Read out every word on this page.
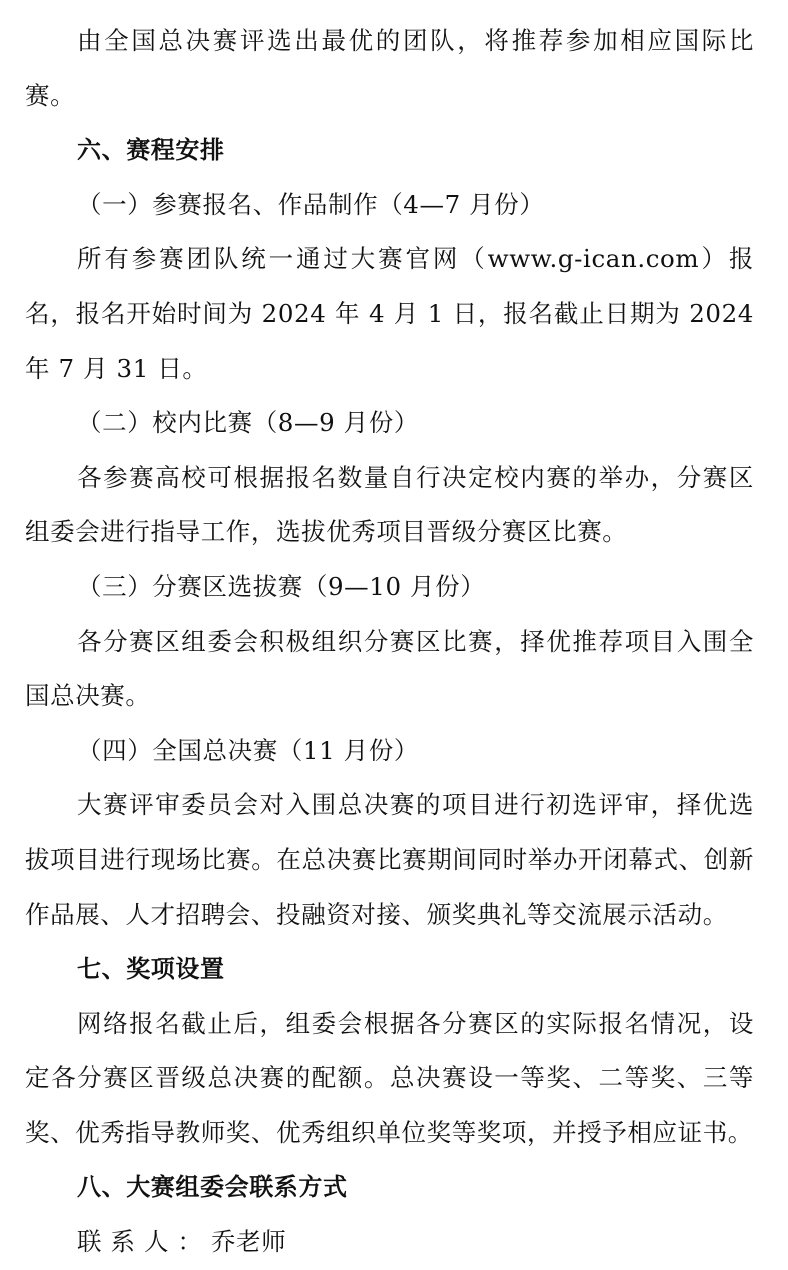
由全国总决赛评选出最优的团队，将推荐参加相应国际比赛。

六、赛程安排

（一）参赛报名、作品制作（4—7 月份）

所有参赛团队统一通过大赛官网（www.g-ican.com）报名，报名开始时间为 2024 年 4 月 1 日，报名截止日期为 2024 年 7 月 31 日。

（二）校内比赛（8—9 月份）

各参赛高校可根据报名数量自行决定校内赛的举办，分赛区组委会进行指导工作，选拔优秀项目晋级分赛区比赛。

（三）分赛区选拔赛（9—10 月份）

各分赛区组委会积极组织分赛区比赛，择优推荐项目入围全国总决赛。

（四）全国总决赛（11 月份）

大赛评审委员会对入围总决赛的项目进行初选评审，择优选拔项目进行现场比赛。在总决赛比赛期间同时举办开闭幕式、创新作品展、人才招聘会、投融资对接、颁奖典礼等交流展示活动。

七、奖项设置

网络报名截止后，组委会根据各分赛区的实际报名情况，设定各分赛区晋级总决赛的配额。总决赛设一等奖、二等奖、三等奖、优秀指导教师奖、优秀组织单位奖等奖项，并授予相应证书。

八、大赛组委会联系方式

联系人：乔老师
